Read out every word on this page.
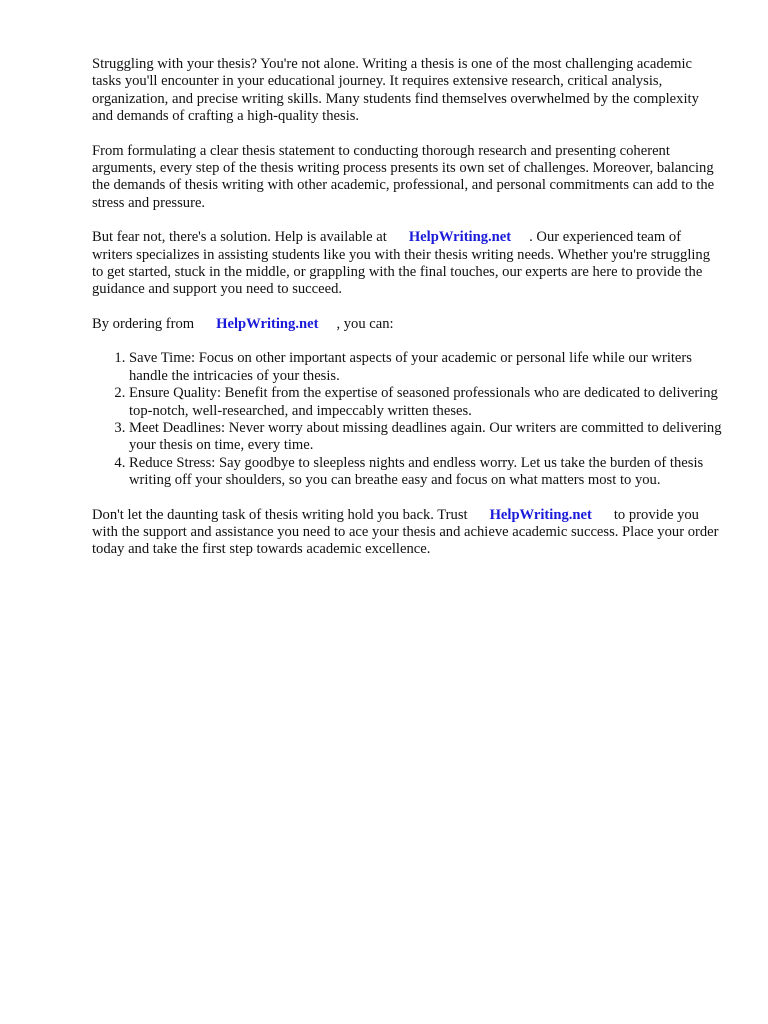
Struggling with your thesis? You're not alone. Writing a thesis is one of the most challenging academic tasks you'll encounter in your educational journey. It requires extensive research, critical analysis, organization, and precise writing skills. Many students find themselves overwhelmed by the complexity and demands of crafting a high-quality thesis.

From formulating a clear thesis statement to conducting thorough research and presenting coherent arguments, every step of the thesis writing process presents its own set of challenges. Moreover, balancing the demands of thesis writing with other academic, professional, and personal commitments can add to the stress and pressure.

But fear not, there's a solution. Help is available at HelpWriting.net . Our experienced team of writers specializes in assisting students like you with their thesis writing needs. Whether you're struggling to get started, stuck in the middle, or grappling with the final touches, our experts are here to provide the guidance and support you need to succeed.

By ordering from HelpWriting.net , you can:

1. Save Time: Focus on other important aspects of your academic or personal life while our writers handle the intricacies of your thesis.
2. Ensure Quality: Benefit from the expertise of seasoned professionals who are dedicated to delivering top-notch, well-researched, and impeccably written theses.
3. Meet Deadlines: Never worry about missing deadlines again. Our writers are committed to delivering your thesis on time, every time.
4. Reduce Stress: Say goodbye to sleepless nights and endless worry. Let us take the burden of thesis writing off your shoulders, so you can breathe easy and focus on what matters most to you.

Don't let the daunting task of thesis writing hold you back. Trust HelpWriting.net to provide you with the support and assistance you need to ace your thesis and achieve academic success. Place your order today and take the first step towards academic excellence.
